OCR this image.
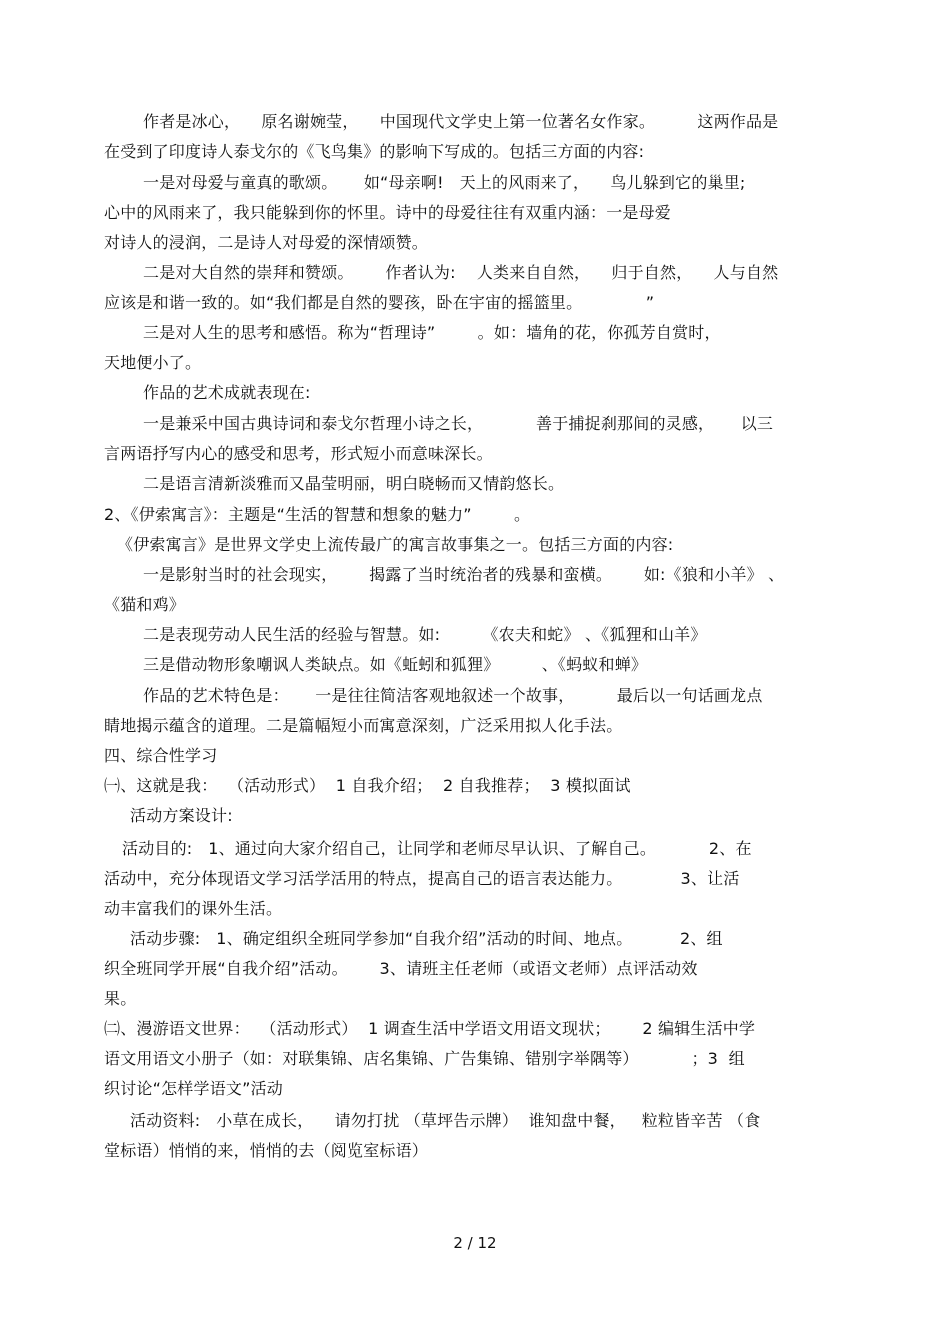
作者是冰心，    原名谢婉莹，    中国现代文学史上第一位著名女作家。        这两作品是
在受到了印度诗人泰戈尔的《飞鸟集》的影响下写成的。包括三方面的内容:
一是对母爱与童真的歌颂。     如“母亲啊!   天上的风雨来了，    鸟儿躲到它的巢里;
心中的风雨来了，我只能躲到你的怀里。诗中的母爱往往有双重内涵：一是母爱
对诗人的浸润，二是诗人对母爱的深情颂赞。
二是对大自然的崇拜和赞颂。      作者认为:    人类来自自然，    归于自然，    人与自然
应该是和谐一致的。如“我们都是自然的婴孩，卧在宇宙的摇篮里。            ”
三是对人生的思考和感悟。称为“哲理诗”        。如：墙角的花，你孤芳自赏时，
天地便小了。
作品的艺术成就表现在:
一是兼采中国古典诗词和泰戈尔哲理小诗之长，          善于捕捉刹那间的灵感，     以三
言两语抒写内心的感受和思考，形式短小而意味深长。
二是语言清新淡雅而又晶莹明丽，明白晓畅而又情韵悠长。
2、《伊索寓言》：主题是“生活的智慧和想象的魅力”        。
《伊索寓言》是世界文学史上流传最广的寓言故事集之一。包括三方面的内容:
一是影射当时的社会现实，      揭露了当时统治者的残暴和蛮横。      如:《狼和小羊》 、
《猫和鸡》
二是表现劳动人民生活的经验与智慧。如:        《农夫和蛇》 、《狐狸和山羊》
三是借动物形象嘲讽人类缺点。如《蚯蚓和狐狸》        、《蚂蚁和蝉》
作品的艺术特色是：     一是往往简洁客观地叙述一个故事，        最后以一句话画龙点
睛地揭示蕴含的道理。二是篇幅短小而寓意深刻，广泛采用拟人化手法。
四、综合性学习
㈠、这就是我：  （活动形式）  1 自我介绍；  2 自我推荐；  3 模拟面试
活动方案设计:
活动目的:   1、通过向大家介绍自己，让同学和老师尽早认识、了解自己。          2、在
活动中，充分体现语文学习活学活用的特点，提高自己的语言表达能力。           3、让活
动丰富我们的课外生活。
活动步骤:   1、确定组织全班同学参加“自我介绍”活动的时间、地点。         2、组
织全班同学开展“自我介绍”活动。      3、请班主任老师（或语文老师）点评活动效
果。
㈡、漫游语文世界：  （活动形式）  1 调查生活中学语文用语文现状；      2 编辑生活中学
语文用语文小册子（如：对联集锦、店名集锦、广告集锦、错别字举隅等）          ；3  组
织讨论“怎样学语文”活动
活动资料:   小草在成长，    请勿打扰 （草坪告示牌）  谁知盘中餐，   粒粒皆辛苦 （食
堂标语）悄悄的来，悄悄的去（阅览室标语）
2 / 12
